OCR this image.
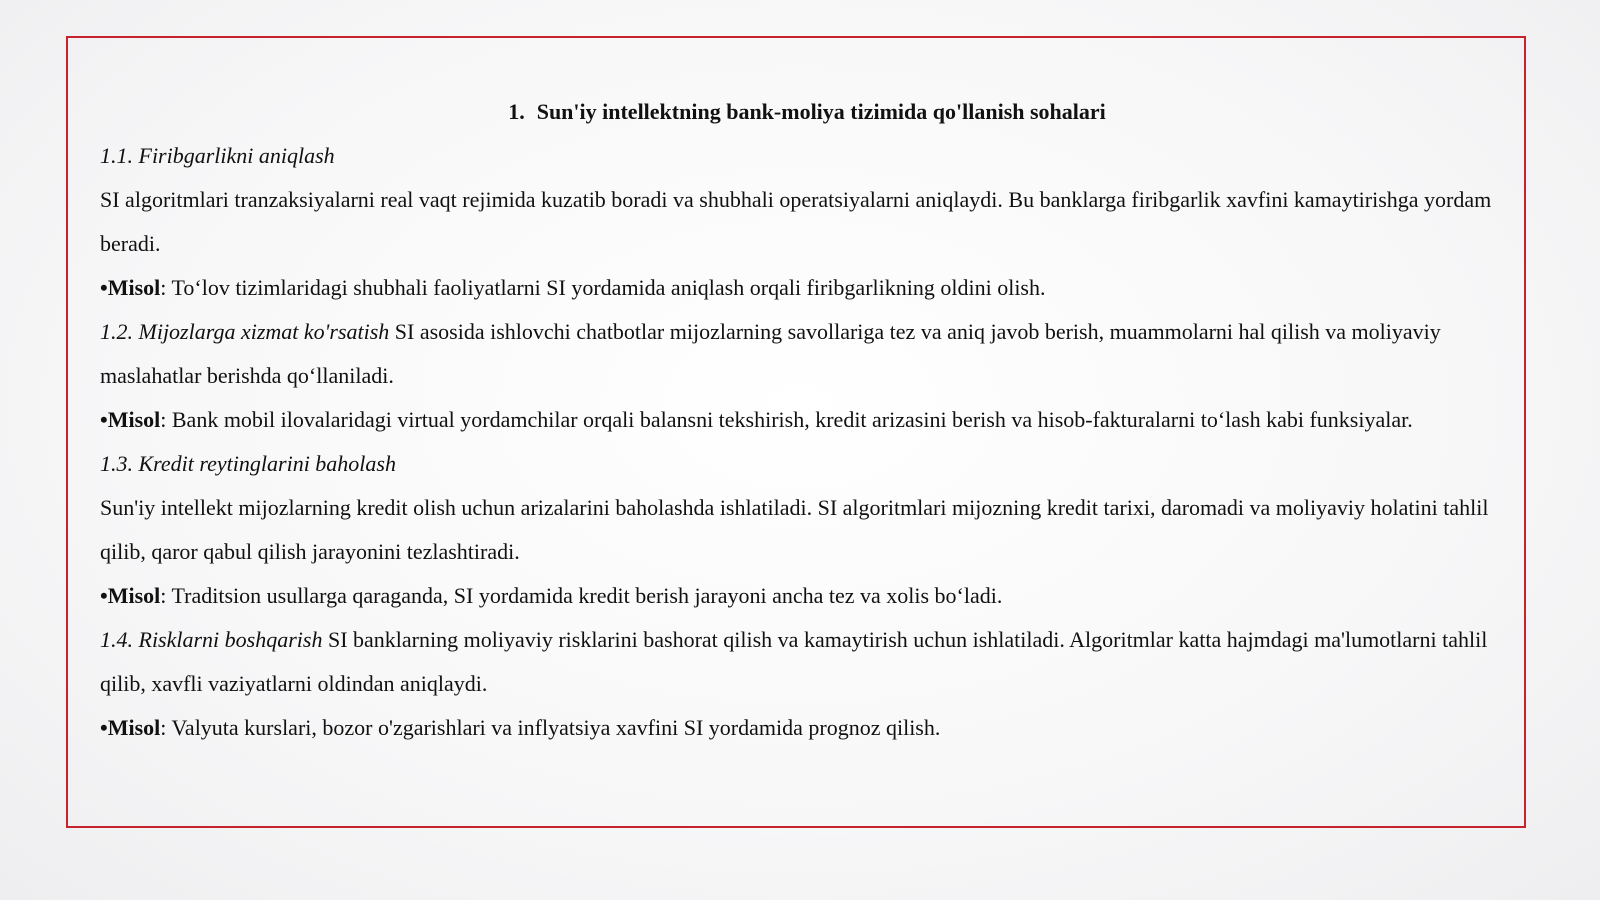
1. Sun'iy intellektning bank-moliya tizimida qo'llanish sohalari

1.1. Firibgarlikni aniqlash

SI algoritmlari tranzaksiyalarni real vaqt rejimida kuzatib boradi va shubhali operatsiyalarni aniqlaydi. Bu banklarga firibgarlik xavfini kamaytirishga yordam beradi.

•Misol: To‘lov tizimlaridagi shubhali faoliyatlarni SI yordamida aniqlash orqali firibgarlikning oldini olish.

1.2. Mijozlarga xizmat ko'rsatish SI asosida ishlovchi chatbotlar mijozlarning savollariga tez va aniq javob berish, muammolarni hal qilish va moliyaviy maslahatlar berishda qo‘llaniladi.

•Misol: Bank mobil ilovalaridagi virtual yordamchilar orqali balansni tekshirish, kredit arizasini berish va hisob-fakturalarni to‘lash kabi funksiyalar.

1.3. Kredit reytinglarini baholash

Sun'iy intellekt mijozlarning kredit olish uchun arizalarini baholashda ishlatiladi. SI algoritmlari mijozning kredit tarixi, daromadi va moliyaviy holatini tahlil qilib, qaror qabul qilish jarayonini tezlashtiradi.

•Misol: Traditsion usullarga qaraganda, SI yordamida kredit berish jarayoni ancha tez va xolis bo‘ladi.

1.4. Risklarni boshqarish SI banklarning moliyaviy risklarini bashorat qilish va kamaytirish uchun ishlatiladi. Algoritmlar katta hajmdagi ma'lumotlarni tahlil qilib, xavfli vaziyatlarni oldindan aniqlaydi.

•Misol: Valyuta kurslari, bozor o'zgarishlari va inflyatsiya xavfini SI yordamida prognoz qilish.
